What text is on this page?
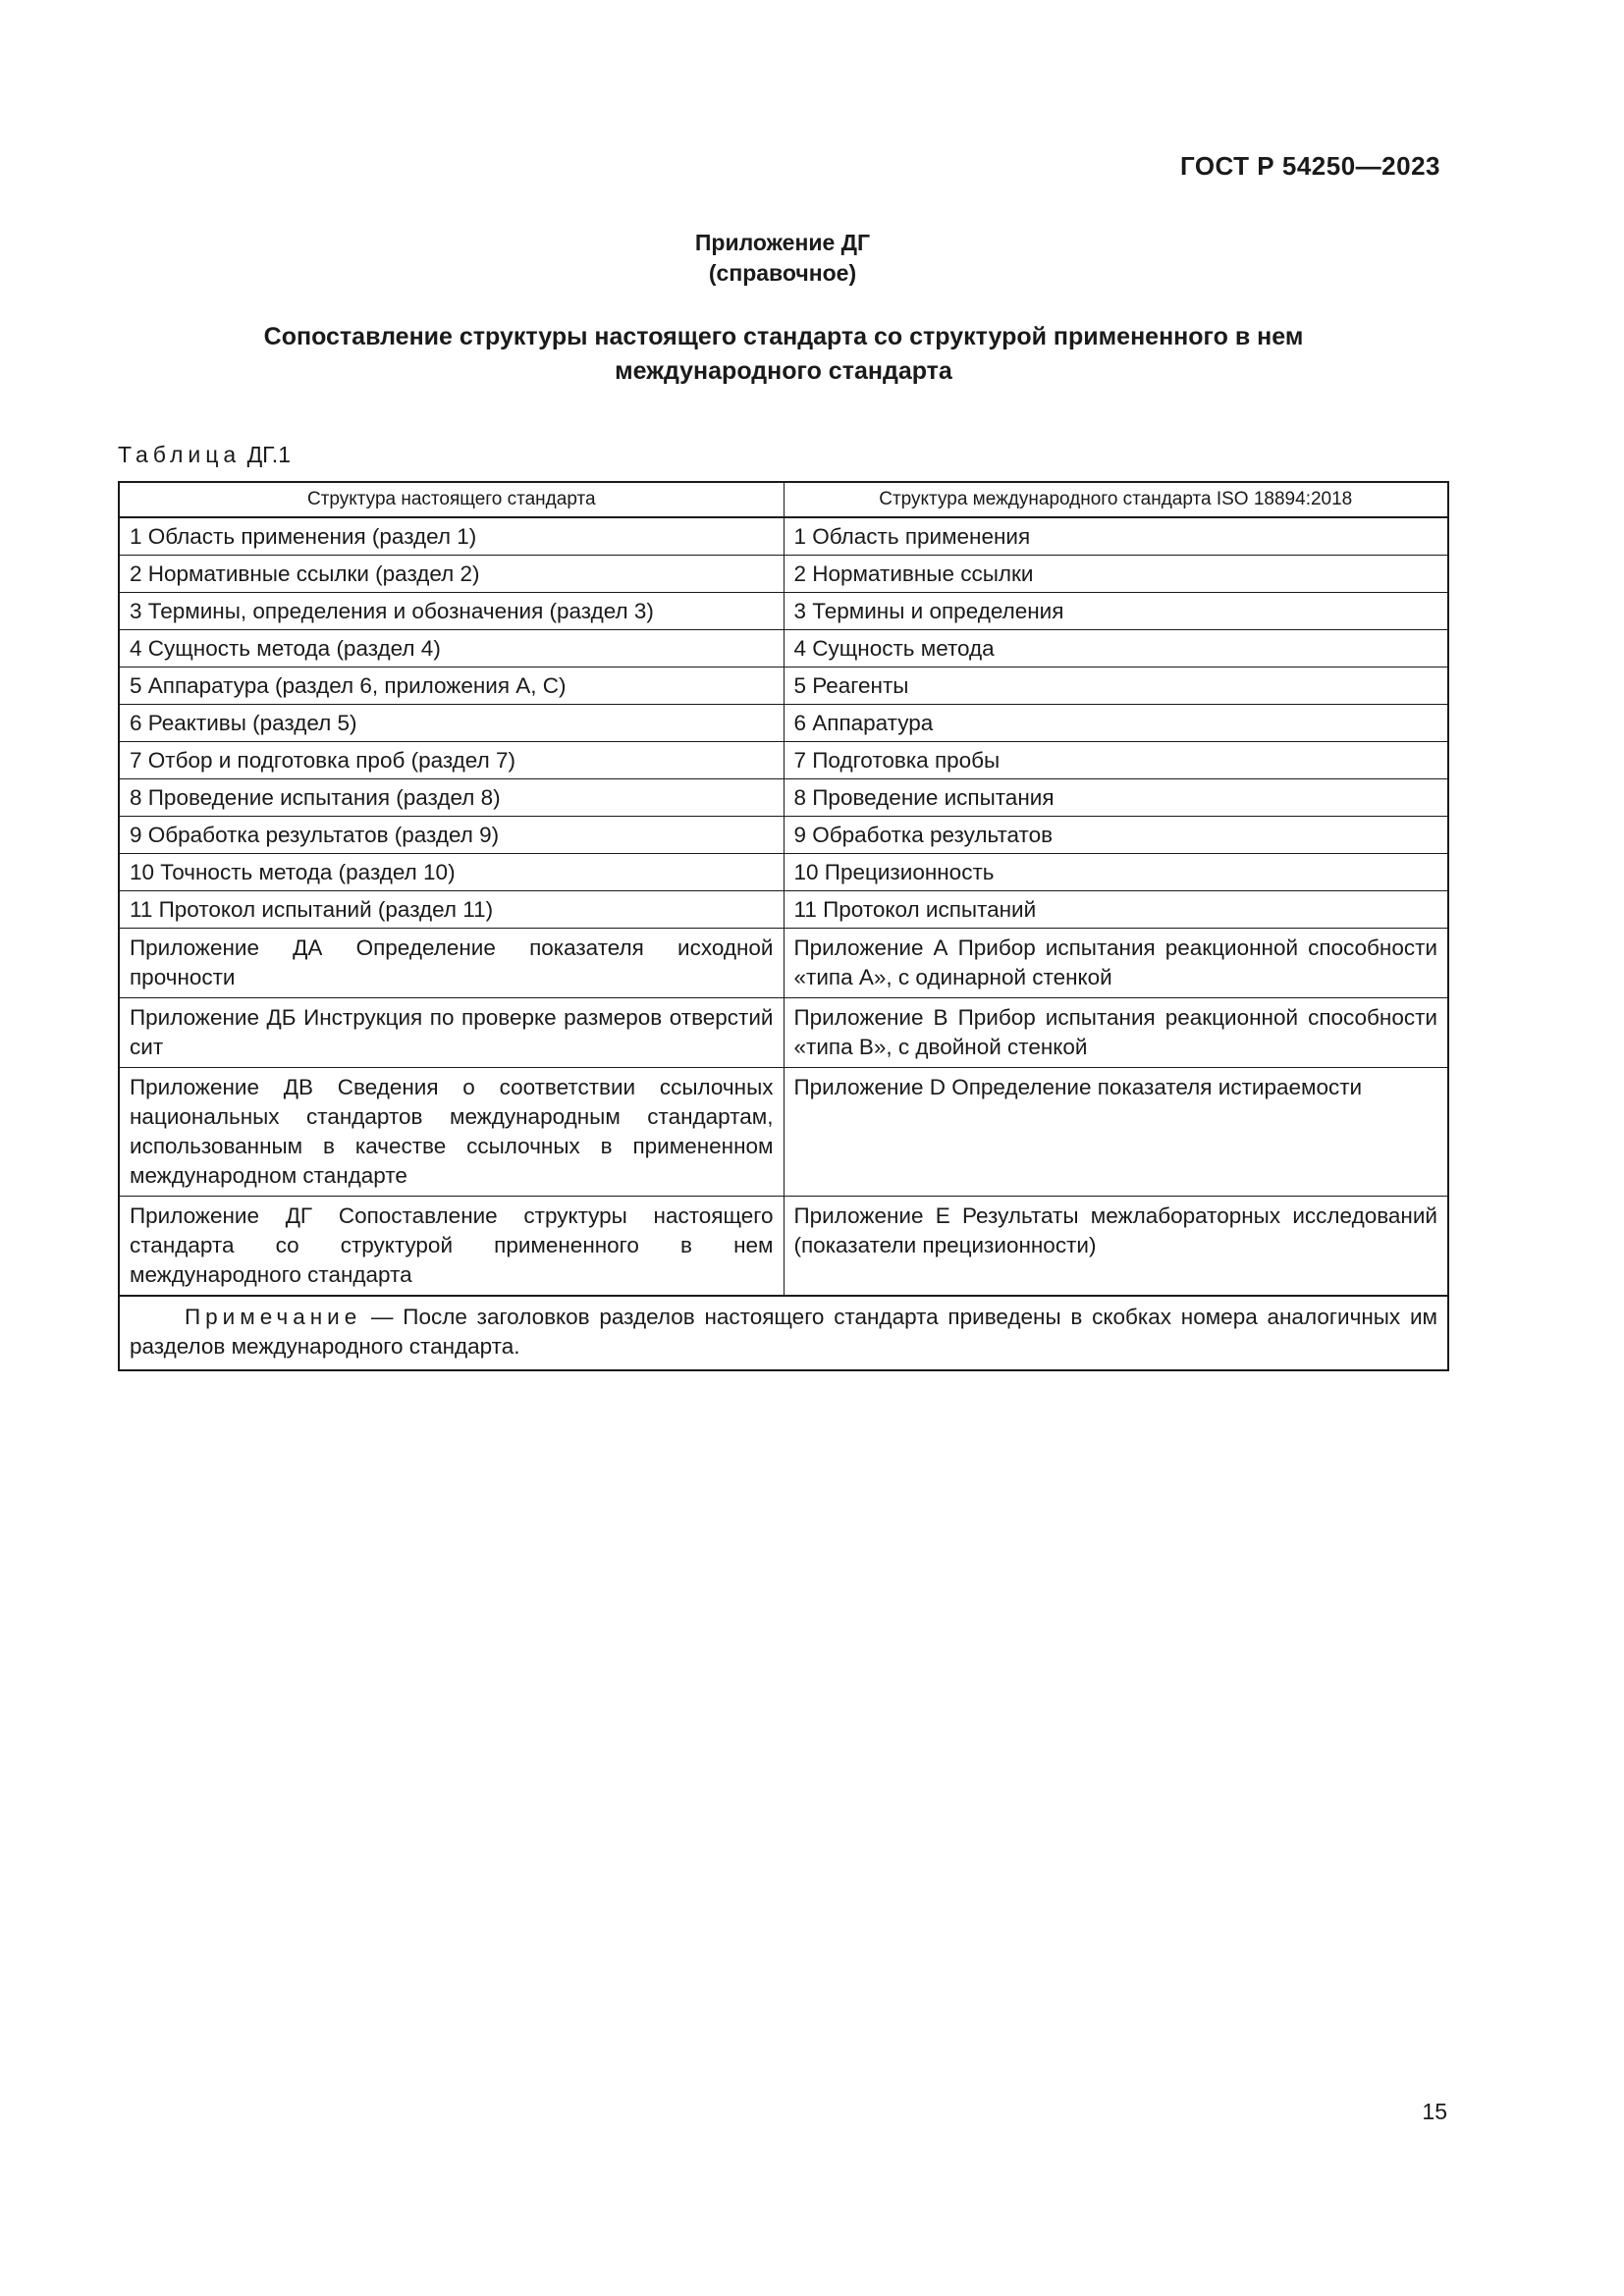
ГОСТ Р 54250—2023
Приложение ДГ
(справочное)
Сопоставление структуры настоящего стандарта со структурой примененного в нем
международного стандарта
Таблица ДГ.1
Структура настоящего стандарта	Структура международного стандарта ISO 18894:2018
1 Область применения (раздел 1)	1 Область применения
2 Нормативные ссылки (раздел 2)	2 Нормативные ссылки
3 Термины, определения и обозначения (раздел 3)	3 Термины и определения
4 Сущность метода (раздел 4)	4 Сущность метода
5 Аппаратура (раздел 6, приложения А, С)	5 Реагенты
6 Реактивы (раздел 5)	6 Аппаратура
7 Отбор и подготовка проб (раздел 7)	7 Подготовка пробы
8 Проведение испытания (раздел 8)	8 Проведение испытания
9 Обработка результатов (раздел 9)	9 Обработка результатов
10 Точность метода (раздел 10)	10 Прецизионность
11 Протокол испытаний (раздел 11)	11 Протокол испытаний
Приложение ДА Определение показателя исходной прочности	Приложение А Прибор испытания реакционной способности «типа А», с одинарной стенкой
Приложение ДБ Инструкция по проверке размеров отверстий сит	Приложение В Прибор испытания реакционной способности «типа В», с двойной стенкой
Приложение ДВ Сведения о соответствии ссылочных национальных стандартов международным стандартам, использованным в качестве ссылочных в примененном международном стандарте	Приложение D Определение показателя истираемости
Приложение ДГ Сопоставление структуры настоящего стандарта со структурой примененного в нем международного стандарта	Приложение Е Результаты межлабораторных исследований (показатели прецизионности)
Примечание — После заголовков разделов настоящего стандарта приведены в скобках номера аналогичных им разделов международного стандарта.	
15
